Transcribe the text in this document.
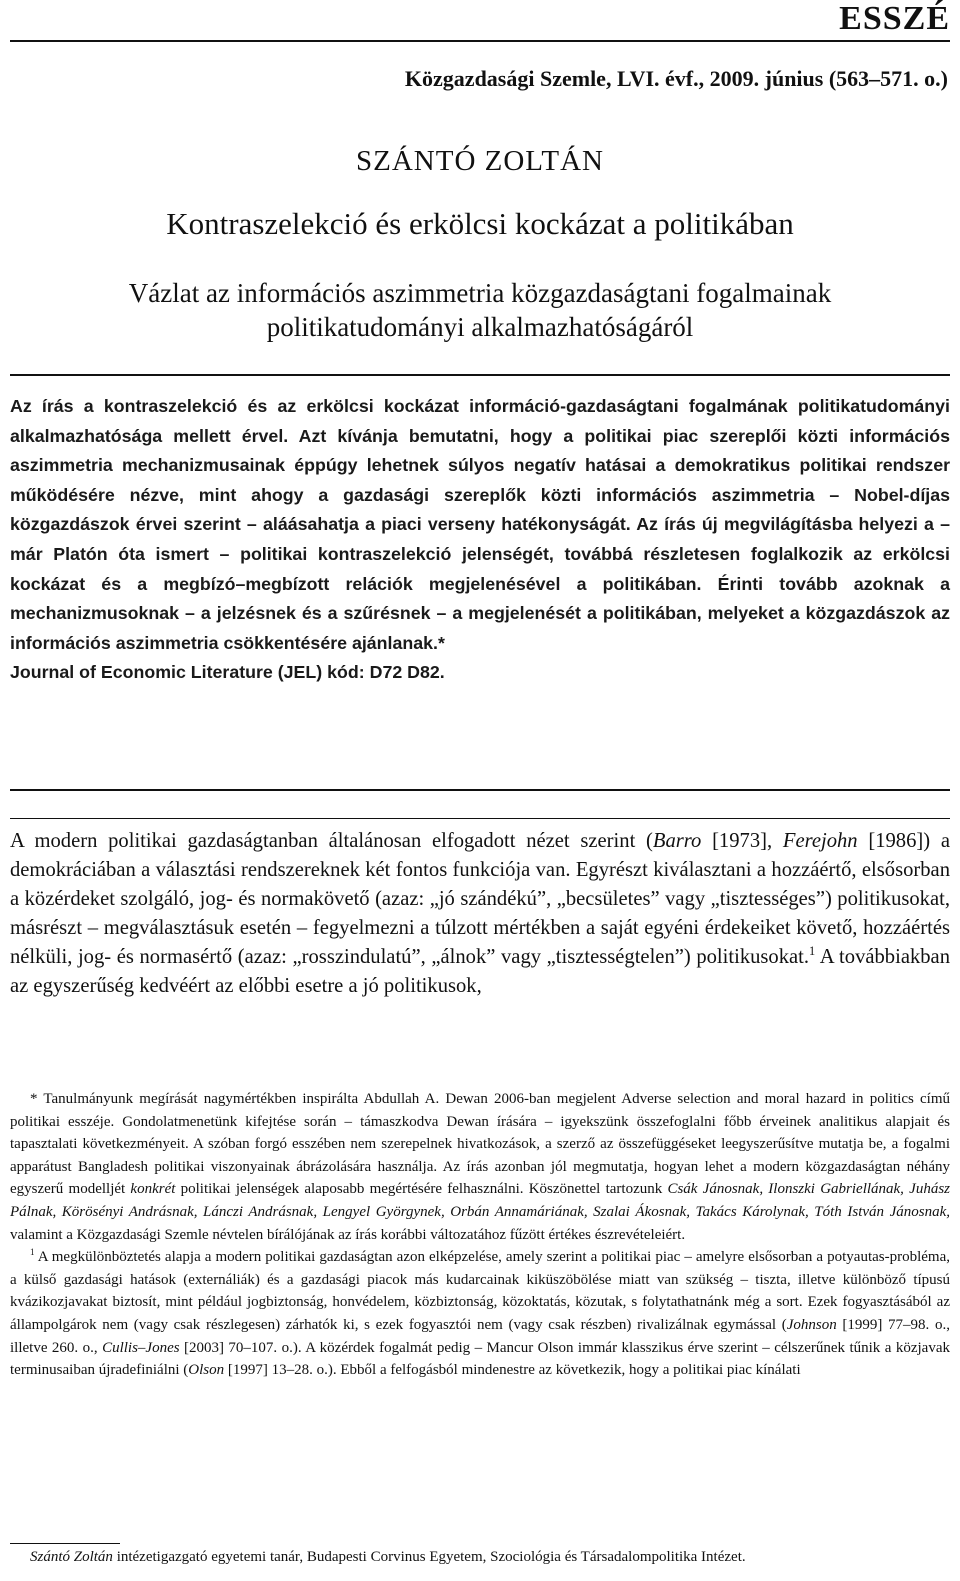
ESSZÉ
Közgazdasági Szemle, LVI. évf., 2009. június (563–571. o.)
SZÁNTÓ ZOLTÁN
Kontraszelekció és erkölcsi kockázat a politikában
Vázlat az információs aszimmetria közgazdaságtani fogalmainak politikatudományi alkalmazhatóságáról
Az írás a kontraszelekció és az erkölcsi kockázat információ-gazdaságtani fogalmának politikatudományi alkalmazhatósága mellett érvel. Azt kívánja bemutatni, hogy a politikai piac szereplői közti információs aszimmetria mechanizmusainak éppúgy lehetnek súlyos negatív hatásai a demokratikus politikai rendszer működésére nézve, mint ahogy a gazdasági szereplők közti információs aszimmetria – Nobel-díjas közgazdászok érvei szerint – aláásahatja a piaci verseny hatékonyságát. Az írás új megvilágításba helyezi a – már Platón óta ismert – politikai kontraszelekció jelenségét, továbbá részletesen foglalkozik az erkölcsi kockázat és a megbízó–megbízott relációk megjelenésével a politikában. Érinti tovább azoknak a mechanizmusoknak – a jelzésnek és a szűrésnek – a megjelenését a politikában, melyeket a közgazdászok az információs aszimmetria csökkentésére ajánlanak.*
Journal of Economic Literature (JEL) kód: D72 D82.
A modern politikai gazdaságtanban általánosan elfogadott nézet szerint (Barro [1973], Ferejohn [1986]) a demokráciában a választási rendszereknek két fontos funkciója van. Egyrészt kiválasztani a hozzáértő, elsősorban a közérdeket szolgáló, jog- és normakövető (azaz: „jó szándékú”, „becsületes” vagy „tisztességes”) politikusokat, másrészt – megválasztásuk esetén – fegyelmezni a túlzott mértékben a saját egyéni érdekeiket követő, hozzáértés nélküli, jog- és normasértő (azaz: „rosszindulatú”, „álnok” vagy „tisztességtelen”) politikusokat.$^1$ A továbbiakban az egyszerűség kedvéért az előbbi esetre a jó politikusok,

* Tanulmányunk megírását nagymértékben inspirálta Abdullah A. Dewan 2006-ban megjelent Adverse selection and moral hazard in politics című politikai esszéje. Gondolatmenetünk kifejtése során – támaszkodva Dewan írására – igyekszünk összefoglalni főbb érveinek analitikus alapjait és tapasztalati következményeit. A szóban forgó esszében nem szerepelnek hivatkozások, a szerző az összefüggéseket leegyszerűsítve mutatja be, a fogalmi apparátust Bangladesh politikai viszonyainak ábrázolására használja. Az írás azonban jól megmutatja, hogyan lehet a modern közgazdaságtan néhány egyszerű modelljét konkrét politikai jelenségek alaposabb megértésére felhasználni. Köszönettel tartozunk Csák Jánosnak, Ilonszki Gabriellának, Juhász Pálnak, Körösényi Andrásnak, Lánczi Andrásnak, Lengyel Györgynek, Orbán Annamáriának, Szalai Ákosnak, Takács Károlynak, Tóth István Jánosnak, valamint a Közgazdasági Szemle névtelen bírálójának az írás korábbi változatához fűzött értékes észrevételeiért.

$^1$ A megkülönböztetés alapja a modern politikai gazdaságtan azon elképzelése, amely szerint a politikai piac – amelyre elsősorban a potyautas-probléma, a külső gazdasági hatások (externáliák) és a gazdasági piacok más kudarcainak kiküszöbölése miatt van szükség – tiszta, illetve különböző típusú kvázikozjavakat biztosít, mint például jogbiztonság, honvédelem, közbiztonság, közoktatás, közutak, s folytathatnánk még a sort. Ezek fogyasztásából az állampolgárok nem (vagy csak részlegesen) zárhatók ki, s ezek fogyasztói nem (vagy csak részben) rivalizálnak egymással (Johnson [1999] 77–98. o., illetve 260. o., Cullis–Jones [2003] 70–107. o.). A közérdek fogalmát pedig – Mancur Olson immár klasszikus érve szerint – célszerűnek tűnik a közjavak terminusaiban újradefiniálni (Olson [1997] 13–28. o.). Ebből a felfogásból mindenestre az következik, hogy a politikai piac kínálati

Szántó Zoltán intézetigazgató egyetemi tanár, Budapesti Corvinus Egyetem, Szociológia és Társadalompolitika Intézet.
